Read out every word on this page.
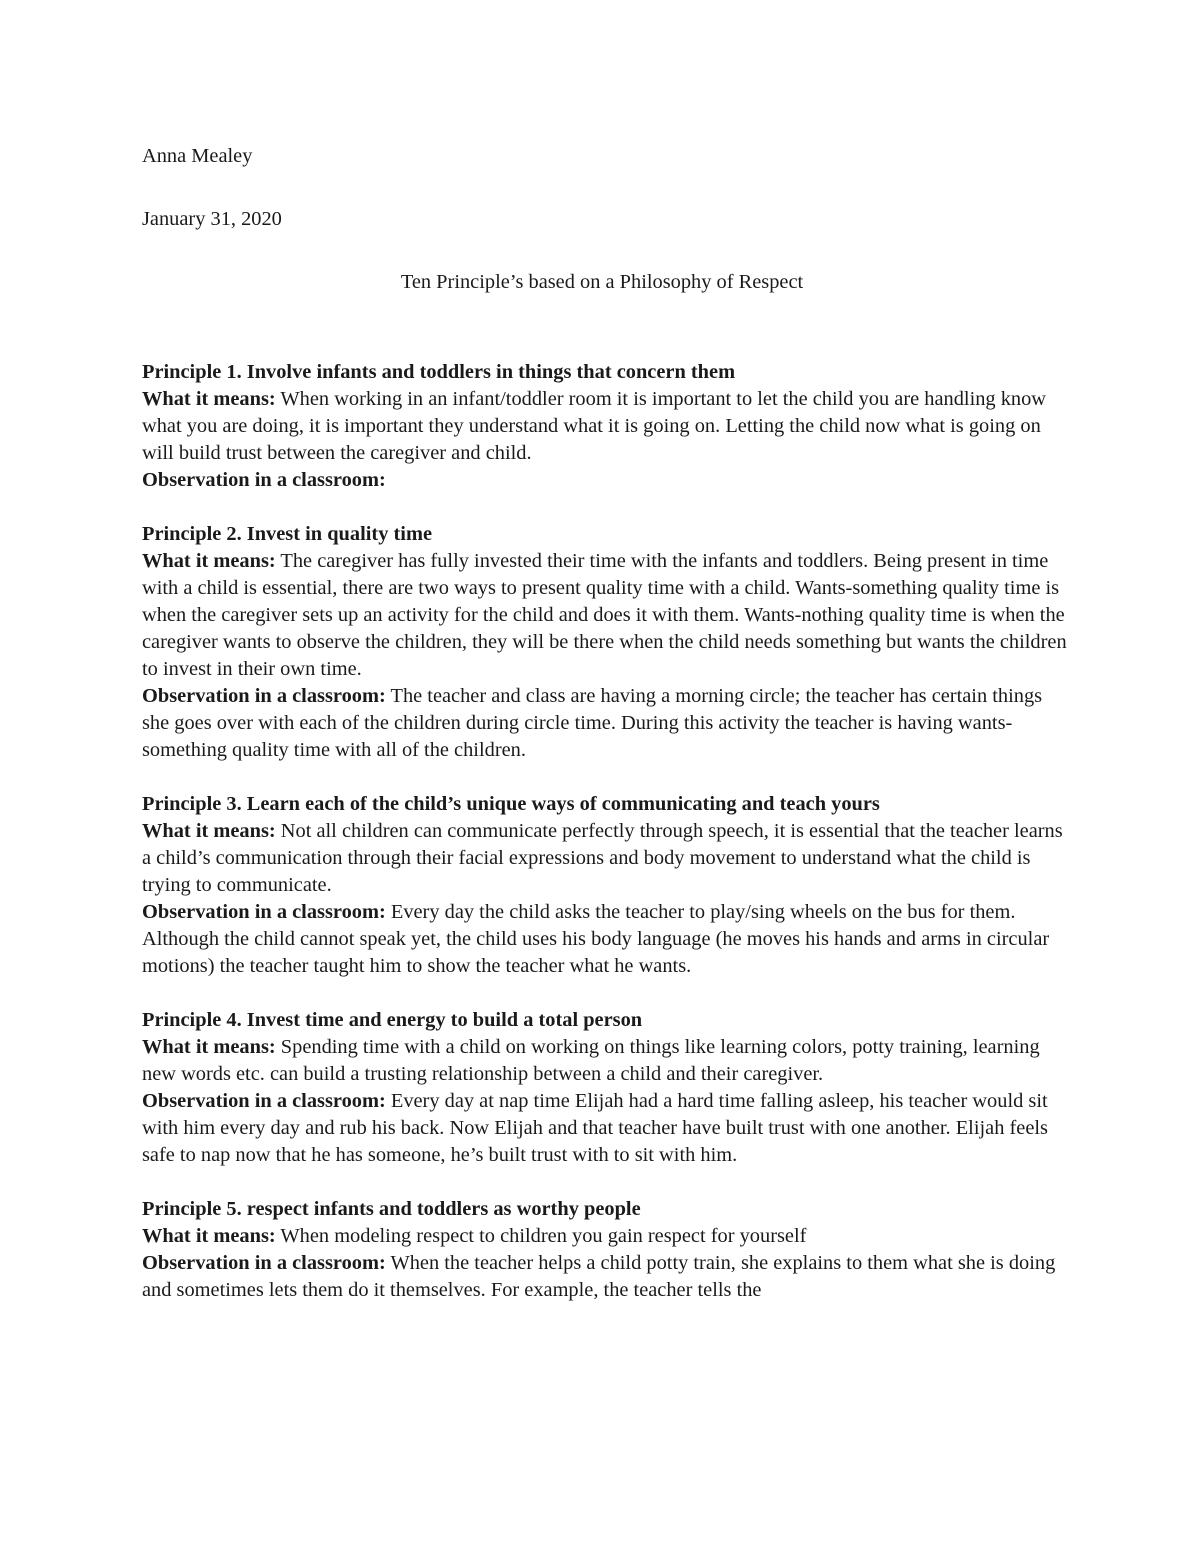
Anna Mealey

January 31, 2020

Ten Principle’s based on a Philosophy of Respect

Principle 1. Involve infants and toddlers in things that concern them

What it means: When working in an infant/toddler room it is important to let the child you are handling know what you are doing, it is important they understand what it is going on. Letting the child now what is going on will build trust between the caregiver and child.

Observation in a classroom:

Principle 2. Invest in quality time

What it means: The caregiver has fully invested their time with the infants and toddlers. Being present in time with a child is essential, there are two ways to present quality time with a child. Wants-something quality time is when the caregiver sets up an activity for the child and does it with them. Wants-nothing quality time is when the caregiver wants to observe the children, they will be there when the child needs something but wants the children to invest in their own time.

Observation in a classroom: The teacher and class are having a morning circle; the teacher has certain things she goes over with each of the children during circle time. During this activity the teacher is having wants-something quality time with all of the children.

Principle 3. Learn each of the child’s unique ways of communicating and teach yours

What it means: Not all children can communicate perfectly through speech, it is essential that the teacher learns a child’s communication through their facial expressions and body movement to understand what the child is trying to communicate.

Observation in a classroom: Every day the child asks the teacher to play/sing wheels on the bus for them. Although the child cannot speak yet, the child uses his body language (he moves his hands and arms in circular motions) the teacher taught him to show the teacher what he wants.

Principle 4. Invest time and energy to build a total person

What it means: Spending time with a child on working on things like learning colors, potty training, learning new words etc. can build a trusting relationship between a child and their caregiver.

Observation in a classroom: Every day at nap time Elijah had a hard time falling asleep, his teacher would sit with him every day and rub his back. Now Elijah and that teacher have built trust with one another. Elijah feels safe to nap now that he has someone, he’s built trust with to sit with him.

Principle 5. respect infants and toddlers as worthy people

What it means: When modeling respect to children you gain respect for yourself

Observation in a classroom: When the teacher helps a child potty train, she explains to them what she is doing and sometimes lets them do it themselves. For example, the teacher tells the
